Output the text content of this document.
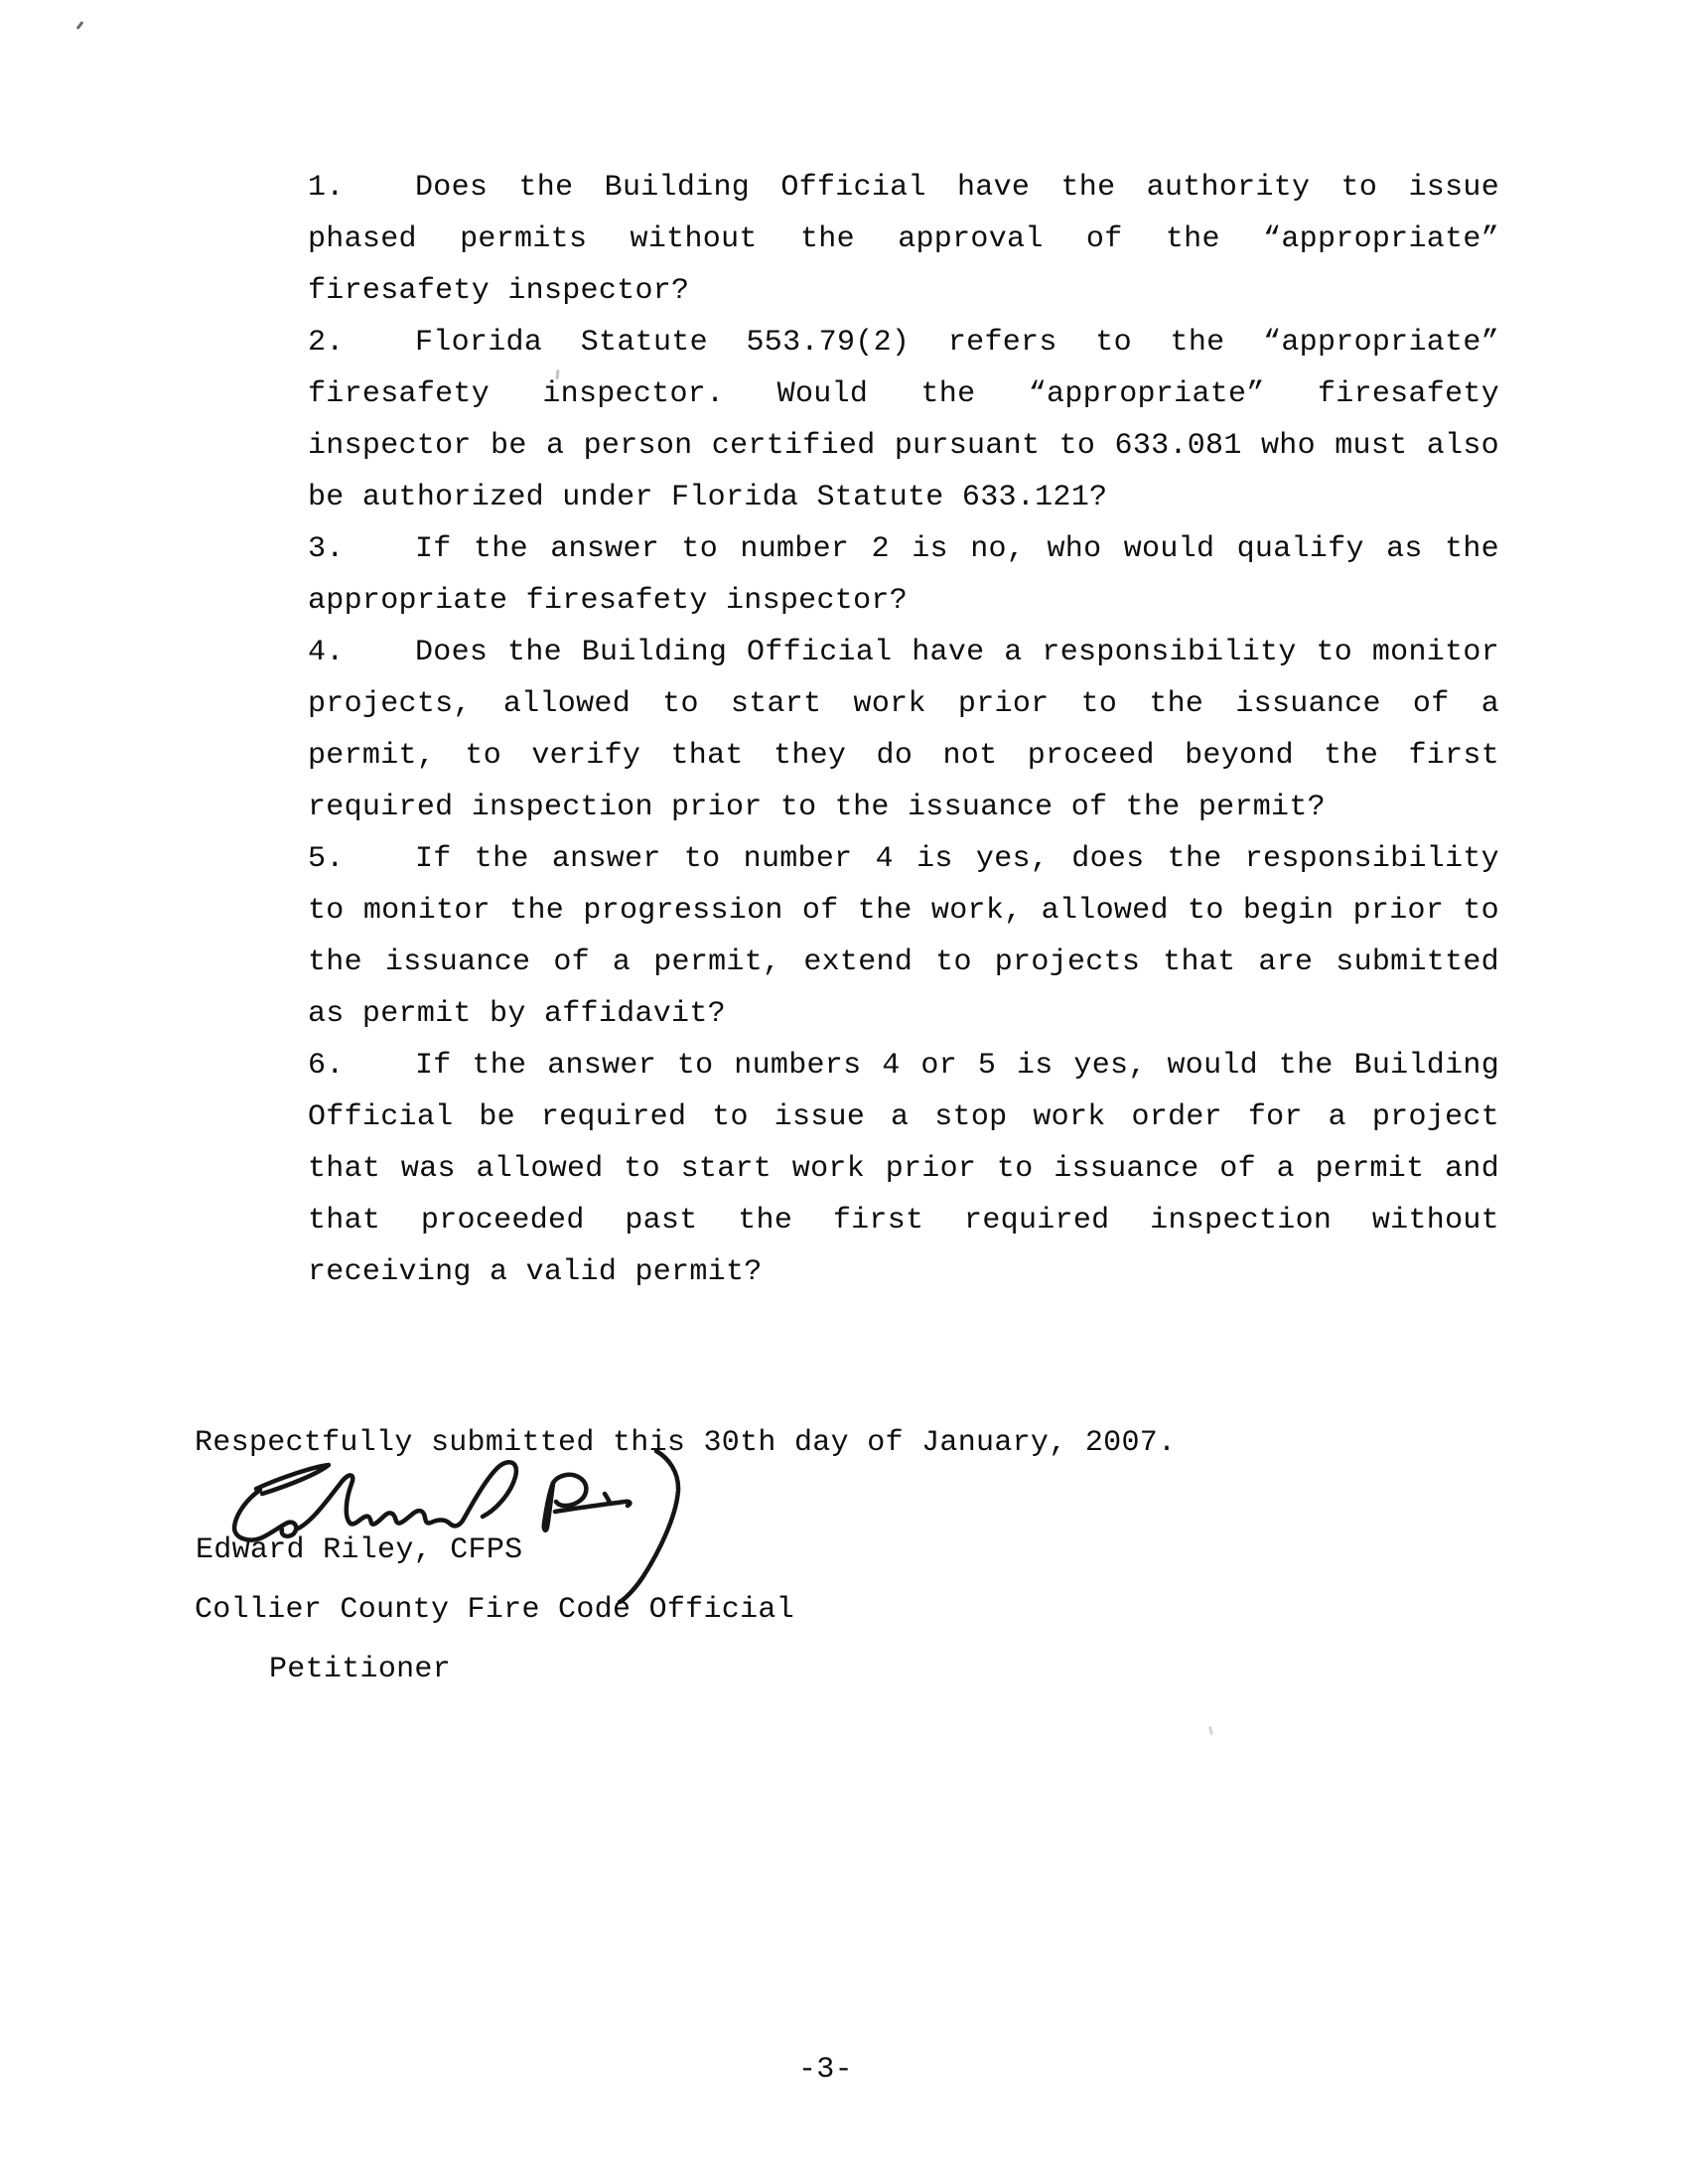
1. Does the Building Official have the authority to issue
phased permits without the approval of the “appropriate”
firesafety inspector?
2. Florida Statute 553.79(2) refers to the “appropriate”
firesafety inspector. Would the “appropriate” firesafety
inspector be a person certified pursuant to 633.081 who must also
be authorized under Florida Statute 633.121?
3. If the answer to number 2 is no, who would qualify as the
appropriate firesafety inspector?
4. Does the Building Official have a responsibility to monitor
projects, allowed to start work prior to the issuance of a
permit, to verify that they do not proceed beyond the first
required inspection prior to the issuance of the permit?
5. If the answer to number 4 is yes, does the responsibility
to monitor the progression of the work, allowed to begin prior to
the issuance of a permit, extend to projects that are submitted
as permit by affidavit?
6. If the answer to numbers 4 or 5 is yes, would the Building
Official be required to issue a stop work order for a project
that was allowed to start work prior to issuance of a permit and
that proceeded past the first required inspection without
receiving a valid permit?
Respectfully submitted this 30th day of January, 2007.
Edward Riley, CFPS
Collier County Fire Code Official
Petitioner
-3-
